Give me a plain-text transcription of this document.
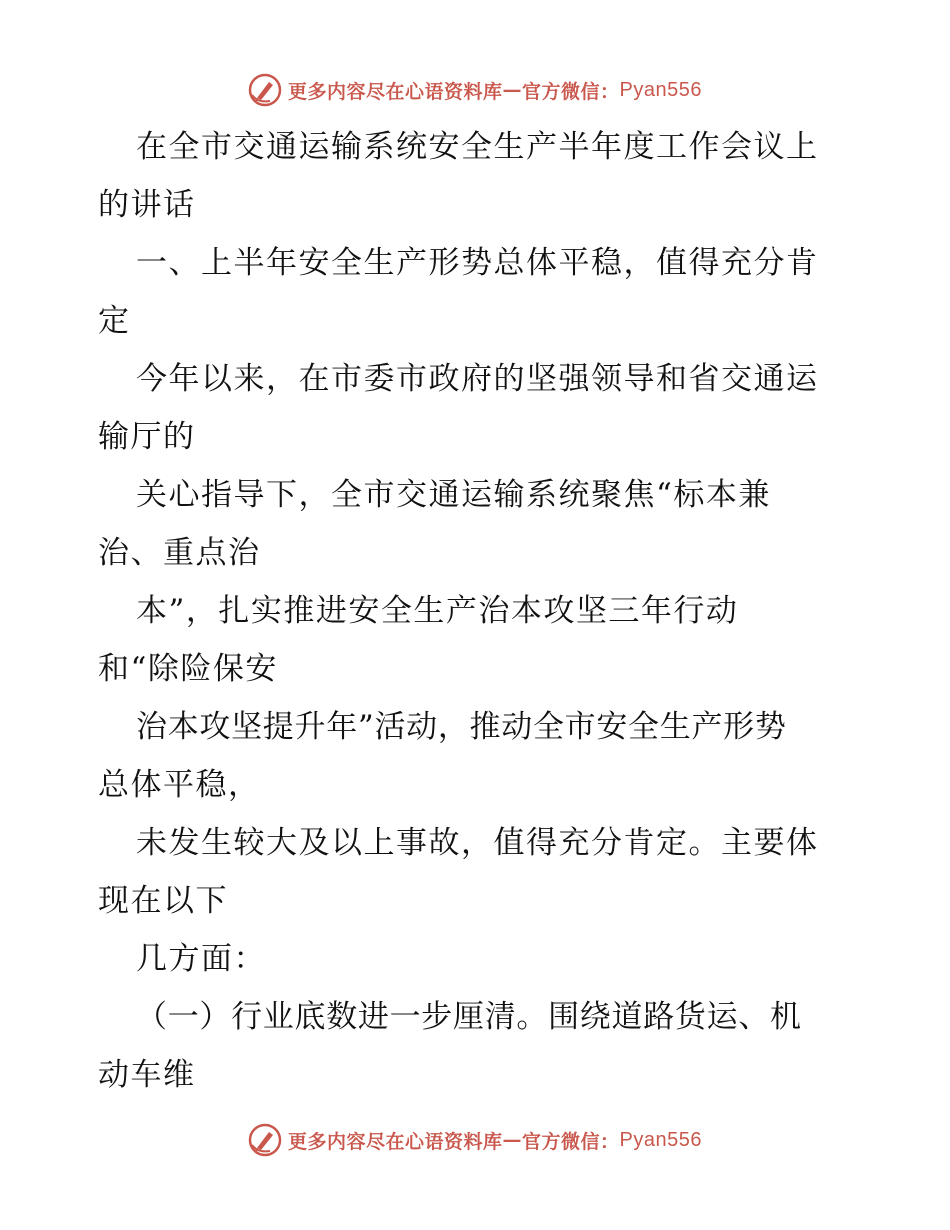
更多内容尽在心语资料库 — 官方微信： Pyan556
在全市交通运输系统安全生产半年度工作会议上
的讲话
一、上半年安全生产形势总体平稳，值得充分肯
定
今年以来，在市委市政府的坚强领导和省交通运
输厅的
关心指导下，全市交通运输系统聚焦“标本兼
治、重点治
本”，扎实推进安全生产治本攻坚三年行动
和“除险保安
治本攻坚提升年”活动，推动全市安全生产形势
总体平稳，
未发生较大及以上事故，值得充分肯定。主要体
现在以下
几方面：
（一）行业底数进一步厘清。围绕道路货运、机
动车维
更多内容尽在心语资料库 — 官方微信： Pyan556
